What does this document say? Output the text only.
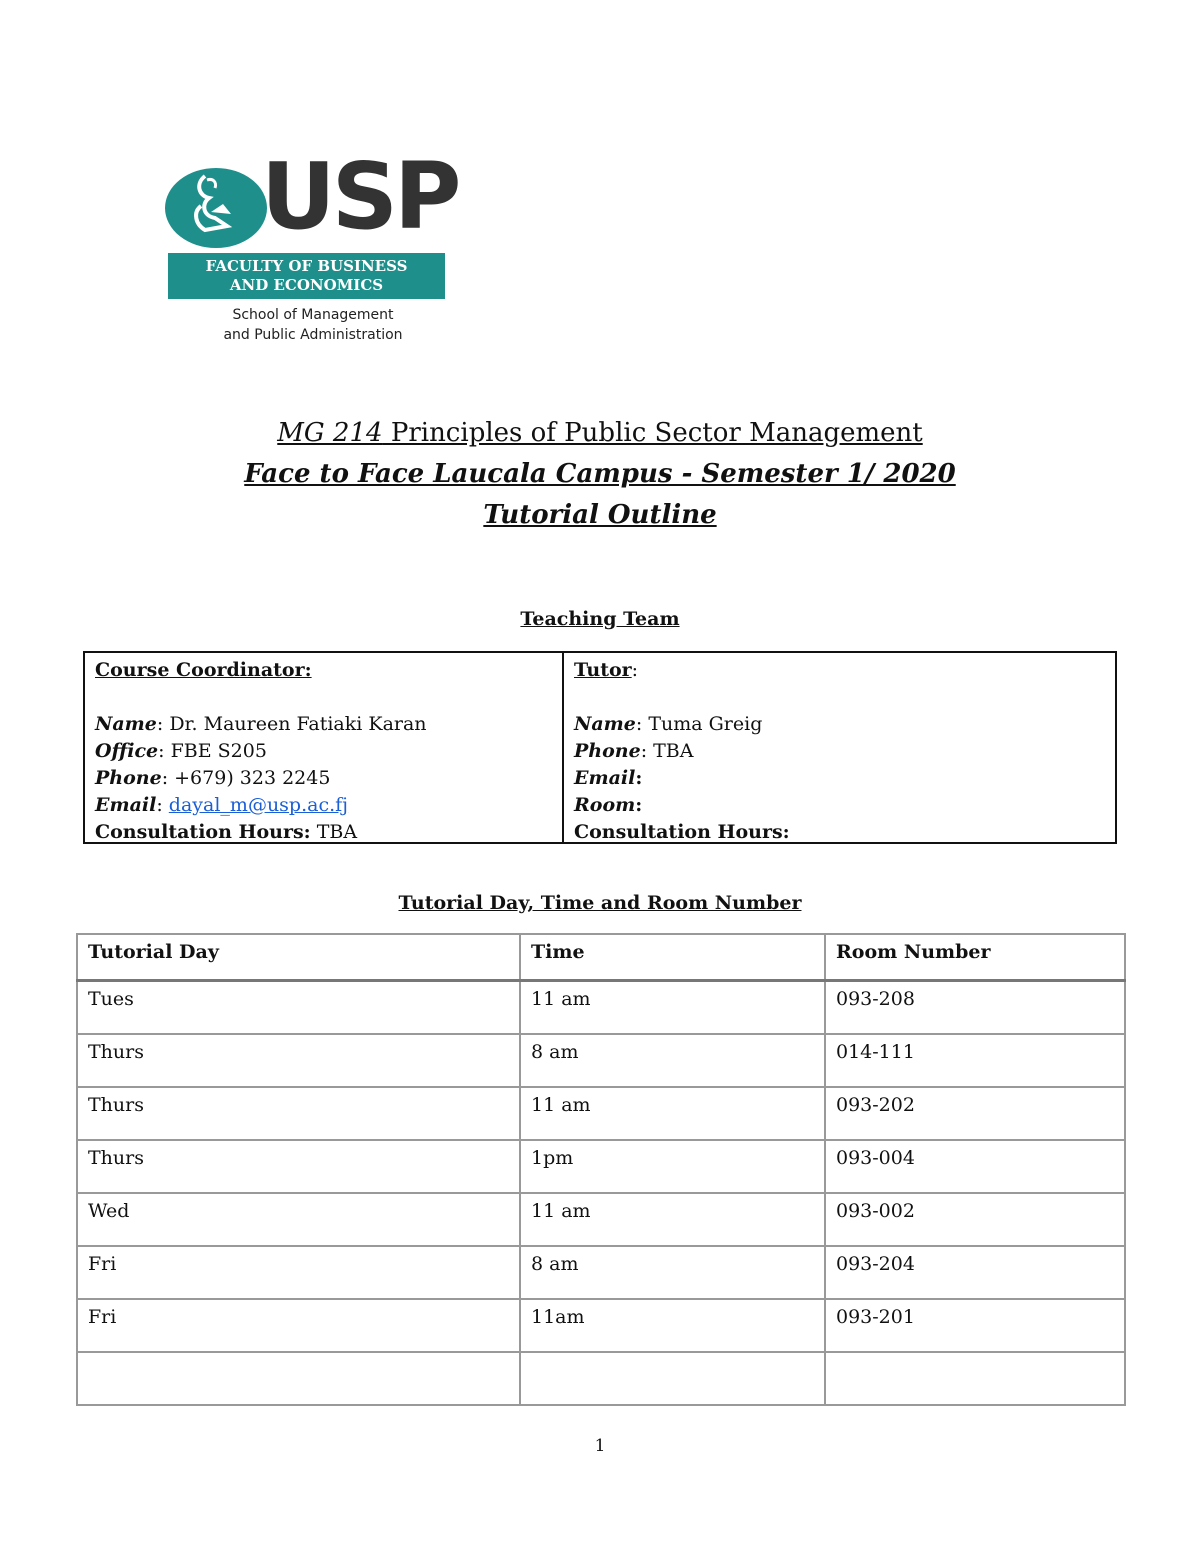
USP
FACULTY OF BUSINESS
AND ECONOMICS
School of Management
and Public Administration
MG 214 Principles of Public Sector Management
Face to Face Laucala Campus - Semester 1/ 2020
Tutorial Outline
Teaching Team
Course Coordinator:
Name: Dr. Maureen Fatiaki Karan
Office: FBE S205
Phone: +679) 323 2245
Email: dayal_m@usp.ac.fj
Consultation Hours: TBA
Tutor:
Name: Tuma Greig
Phone: TBA
Email:
Room:
Consultation Hours:
Tutorial Day, Time and Room Number
Tutorial Day	Time	Room Number
Tues	11 am	093-208
Thurs	8 am	014-111
Thurs	11 am	093-202
Thurs	1pm	093-004
Wed	11 am	093-002
Fri	8 am	093-204
Fri	11am	093-201

1
